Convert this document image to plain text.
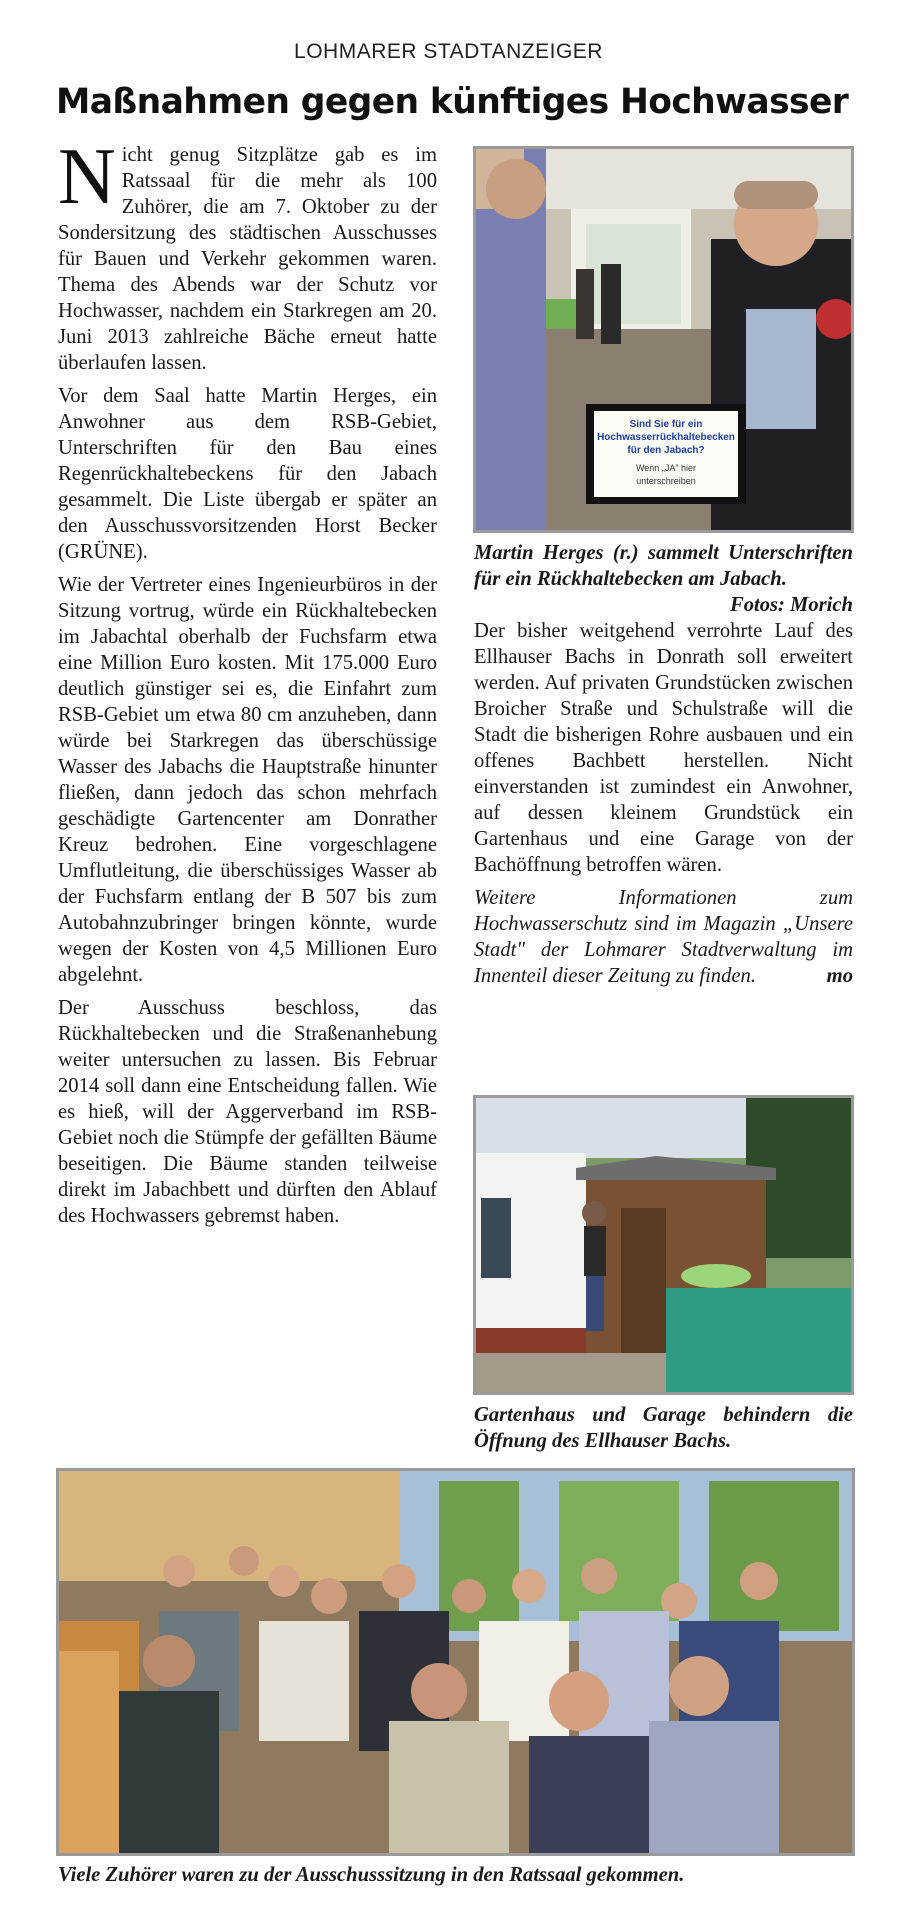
LOHMARER STADTANZEIGER
Maßnahmen gegen künftiges Hochwasser

Nicht genug Sitzplätze gab es im Ratssaal für die mehr als 100 Zuhörer, die am 7. Oktober zu der Sondersitzung des städtischen Ausschusses für Bauen und Verkehr gekommen waren. Thema des Abends war der Schutz vor Hochwasser, nachdem ein Starkregen am 20. Juni 2013 zahlreiche Bäche erneut hatte überlaufen lassen.

Vor dem Saal hatte Martin Herges, ein Anwohner aus dem RSB-Gebiet, Unterschriften für den Bau eines Regenrückhaltebeckens für den Jabach gesammelt. Die Liste übergab er später an den Ausschussvorsitzenden Horst Becker (GRÜNE).

Wie der Vertreter eines Ingenieurbüros in der Sitzung vortrug, würde ein Rückhaltebecken im Jabachtal oberhalb der Fuchsfarm etwa eine Million Euro kosten. Mit 175.000 Euro deutlich günstiger sei es, die Einfahrt zum RSB-Gebiet um etwa 80 cm anzuheben, dann würde bei Starkregen das überschüssige Wasser des Jabachs die Hauptstraße hinunter fließen, dann jedoch das schon mehrfach geschädigte Gartencenter am Donrather Kreuz bedrohen. Eine vorgeschlagene Umflutleitung, die überschüssiges Wasser ab der Fuchsfarm entlang der B 507 bis zum Autobahnzubringer bringen könnte, wurde wegen der Kosten von 4,5 Millionen Euro abgelehnt.

Der Ausschuss beschloss, das Rückhaltebecken und die Straßenanhebung weiter untersuchen zu lassen. Bis Februar 2014 soll dann eine Entscheidung fallen. Wie es hieß, will der Aggerverband im RSB-Gebiet noch die Stümpfe der gefällten Bäume beseitigen. Die Bäume standen teilweise direkt im Jabachbett und dürften den Ablauf des Hochwassers gebremst haben.

Sind Sie für ein
Hochwasserrückhaltebecken
für den Jabach?
Wenn „JA" hier
unterschreiben

Martin Herges (r.) sammelt Unterschriften für ein Rückhaltebecken am Jabach.
Fotos: Morich

Der bisher weitgehend verrohrte Lauf des Ellhauser Bachs in Donrath soll erweitert werden. Auf privaten Grundstücken zwischen Broicher Straße und Schulstraße will die Stadt die bisherigen Rohre ausbauen und ein offenes Bachbett herstellen. Nicht einverstanden ist zumindest ein Anwohner, auf dessen kleinem Grundstück ein Gartenhaus und eine Garage von der Bachöffnung betroffen wären.

Weitere Informationen zum Hochwasserschutz sind im Magazin „Unsere Stadt" der Lohmarer Stadtverwaltung im Innenteil dieser Zeitung zu finden.	mo

Gartenhaus und Garage behindern die Öffnung des Ellhauser Bachs.

Viele Zuhörer waren zu der Ausschusssitzung in den Ratssaal gekommen.
